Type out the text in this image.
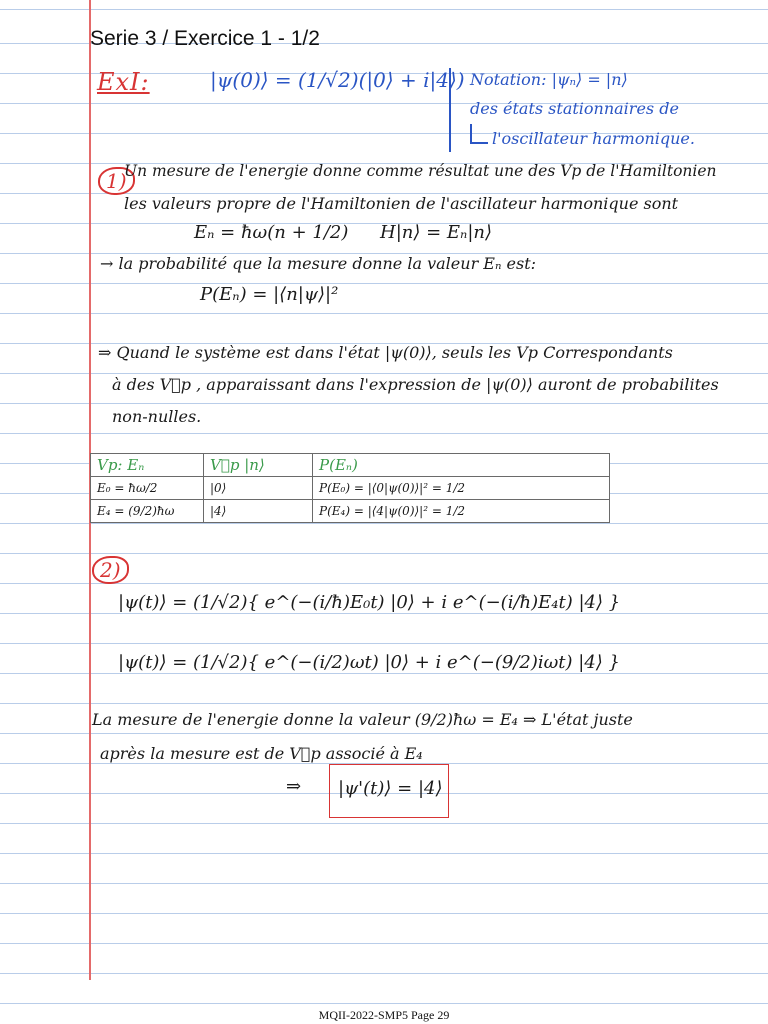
Serie 3 / Exercice 1 - 1/2
ExI:	|ψ(0)⟩ = (1/√2)(|0⟩ + i|4⟩) Notation: |ψₙ⟩ = |n⟩
des états stationnaires de
l'oscillateur harmonique.
1)
Un mesure de l'energie donne comme résultat une des Vp de l'Hamiltonien
les valeurs propre de l'Hamiltonien de l'ascillateur harmonique sont
Eₙ = ħω(n + 1/2) H|n⟩ = Eₙ|n⟩
→ la probabilité que la mesure donne la valeur Eₙ est:
P(Eₙ) = |⟨n|ψ⟩|²
⇒ Quand le système est dans l'état |ψ(0)⟩, seuls les Vp Correspondants
à des V⃗p , apparaissant dans l'expression de |ψ(0)⟩ auront de probabilites
non-nulles.
Vp: Eₙ	V⃗p |n⟩	P(Eₙ)
E₀ = ħω/2	|0⟩	P(E₀) = |⟨0|ψ(0)⟩|² = 1/2
E₄ = (9/2)ħω	|4⟩	P(E₄) = |⟨4|ψ(0)⟩|² = 1/2
2)
|ψ(t)⟩ = (1/√2){ e^(−(i/ħ)E₀t) |0⟩ + i e^(−(i/ħ)E₄t) |4⟩ }
|ψ(t)⟩ = (1/√2){ e^(−(i/2)ωt) |0⟩ + i e^(−(9/2)iωt) |4⟩ }
La mesure de l'energie donne la valeur (9/2)ħω = E₄ ⇒ L'état juste
après la mesure est de V⃗p associé à E₄
⇒ |ψ'(t)⟩ = |4⟩
MQII-2022-SMP5 Page 29
